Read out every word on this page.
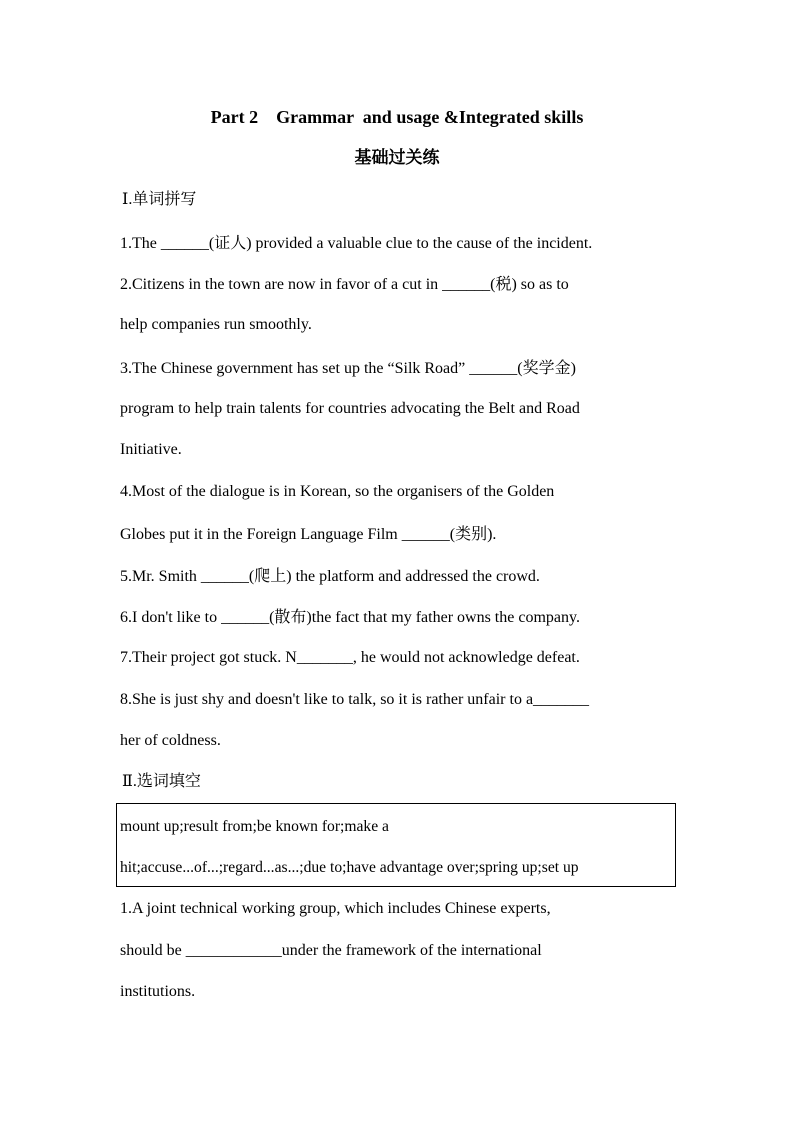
Part 2　Grammar  and usage &Integrated skills
基础过关练
Ⅰ.单词拼写
1.The ______(证人) provided a valuable clue to the cause of the incident.
2.Citizens in the town are now in favor of a cut in ______(税) so as to
help companies run smoothly.
3.The Chinese government has set up the “Silk Road” ______(奖学金)
program to help train talents for countries advocating the Belt and Road
Initiative.
4.Most of the dialogue is in Korean, so the organisers of the Golden
Globes put it in the Foreign Language Film ______(类别).
5.Mr. Smith ______(爬上) the platform and addressed the crowd.
6.I don't like to ______(散布)the fact that my father owns the company.
7.Their project got stuck. N_______, he would not acknowledge defeat.
8.She is just shy and doesn't like to talk, so it is rather unfair to a_______
her of coldness.
Ⅱ.选词填空
mount up;result from;be known for;make a
hit;accuse...of...;regard...as...;due to;have advantage over;spring up;set up
1.A joint technical working group, which includes Chinese experts,
should be ____________under the framework of the international
institutions.
